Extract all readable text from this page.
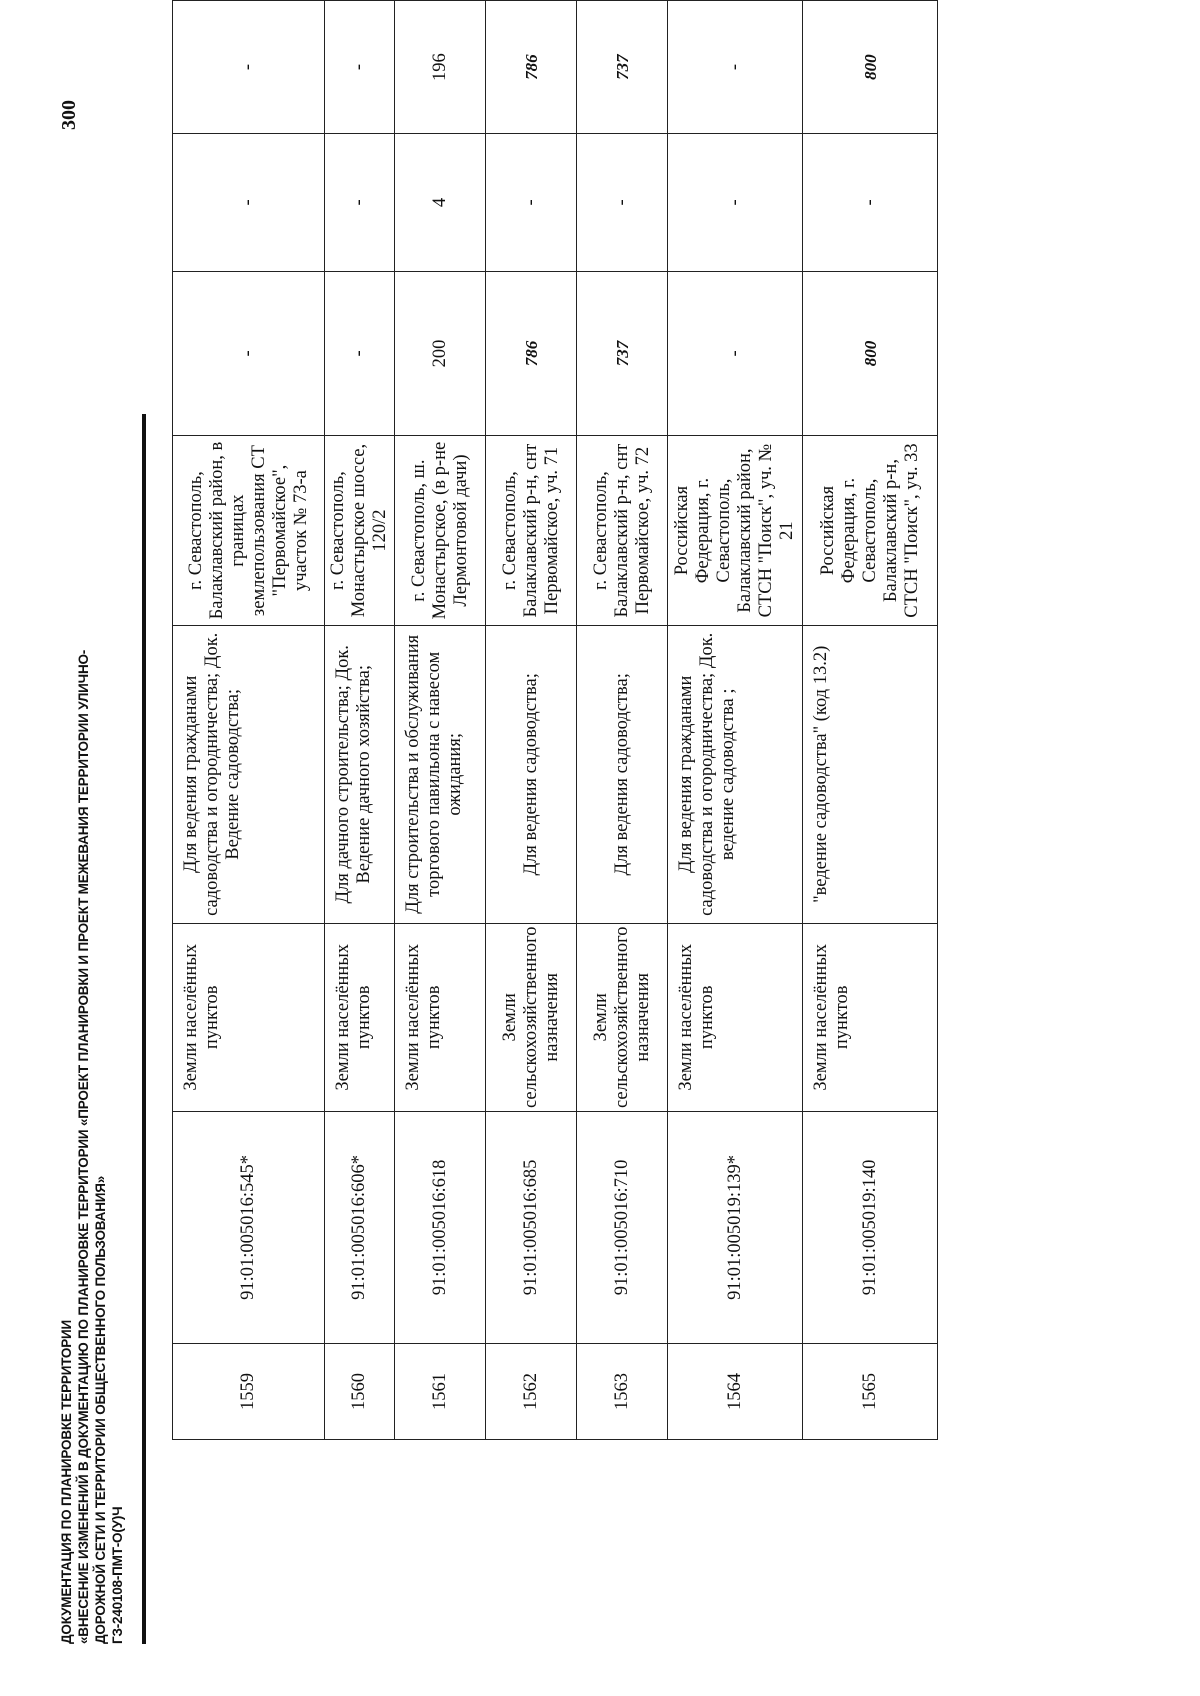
ДОКУМЕНТАЦИЯ ПО ПЛАНИРОВКЕ ТЕРРИТОРИИ «ВНЕСЕНИЕ ИЗМЕНЕНИЙ В ДОКУМЕНТАЦИЮ ПО ПЛАНИРОВКЕ ТЕРРИТОРИИ «ПРОЕКТ ПЛАНИРОВКИ И ПРОЕКТ МЕЖЕВАНИЯ ТЕРРИТОРИИ УЛИЧНО- ДОРОЖНОЙ СЕТИ И ТЕРРИТОРИИ ОБЩЕСТВЕННОГО ПОЛЬЗОВАНИЯ» ГЗ-240108-ПМТ-О(У)Ч
300
1559	91:01:005016:545*	Земли населённых пунктов	Для ведения гражданами садоводства и огородничества; Док. Ведение садоводства;	г. Севастополь, Балаклавский район, в границах землепользования СТ "Первомайское", участок № 73-а	-	-	-
1560	91:01:005016:606*	Земли населённых пунктов	Для дачного строительства; Док. Ведение дачного хозяйства;	г. Севастополь, Монастырское шоссе, 120/2	-	-	-
1561	91:01:005016:618	Земли населённых пунктов	Для строительства и обслуживания торгового павильона с навесом ожидания;	г. Севастополь, ш. Монастырское, (в р-не Лермонтовой дачи)	200	4	196
1562	91:01:005016:685	Земли сельскохозяйственного назначения	Для ведения садоводства;	г. Севастополь, Балаклавский р-н, снт Первомайское, уч. 71	786	-	786
1563	91:01:005016:710	Земли сельскохозяйственного назначения	Для ведения садоводства;	г. Севастополь, Балаклавский р-н, снт Первомайское, уч. 72	737	-	737
1564	91:01:005019:139*	Земли населённых пунктов	Для ведения гражданами садоводства и огородничества; Док. ведение садоводства ;	Российская Федерация, г. Севастополь, Балаклавский район, СТСН "Поиск", уч. № 21	-	-	-
1565	91:01:005019:140	Земли населённых пунктов	"ведение садоводства" (код 13.2)	Российская Федерация, г. Севастополь, Балаклавский р-н, СТСН "Поиск", уч. 33	800	-	800
